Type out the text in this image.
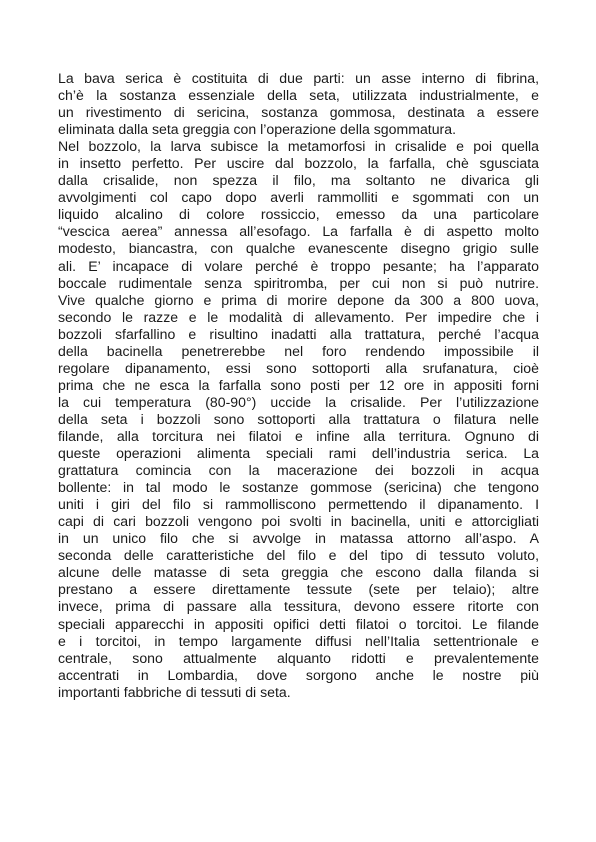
La bava serica è costituita di due parti: un asse interno di fibrina,
ch’è la sostanza essenziale della seta, utilizzata industrialmente, e
un rivestimento di sericina, sostanza gommosa, destinata a essere
eliminata dalla seta greggia con l’operazione della sgommatura.

Nel bozzolo, la larva subisce la metamorfosi in crisalide e poi quella
in insetto perfetto. Per uscire dal bozzolo, la farfalla, chè sgusciata
dalla crisalide, non spezza il filo, ma soltanto ne divarica gli
avvolgimenti col capo dopo averli rammolliti e sgommati con un
liquido alcalino di colore rossiccio, emesso da una particolare
“vescica aerea” annessa all’esofago. La farfalla è di aspetto molto
modesto, biancastra, con qualche evanescente disegno grigio sulle
ali. E’ incapace di volare perché è troppo pesante; ha l’apparato
boccale rudimentale senza spiritromba, per cui non si può nutrire.
Vive qualche giorno e prima di morire depone da 300 a 800 uova,
secondo le razze e le modalità di allevamento. Per impedire che i
bozzoli sfarfallino e risultino inadatti alla trattatura, perché l’acqua
della bacinella penetrerebbe nel foro rendendo impossibile il
regolare dipanamento, essi sono sottoporti alla srufanatura, cioè
prima che ne esca la farfalla sono posti per 12 ore in appositi forni
la cui temperatura (80-90°) uccide la crisalide. Per l’utilizzazione
della seta i bozzoli sono sottoporti alla trattatura o filatura nelle
filande, alla torcitura nei filatoi e infine alla territura. Ognuno di
queste operazioni alimenta speciali rami dell’industria serica. La
grattatura comincia con la macerazione dei bozzoli in acqua
bollente: in tal modo le sostanze gommose (sericina) che tengono
uniti i giri del filo si rammolliscono permettendo il dipanamento. I
capi di cari bozzoli vengono poi svolti in bacinella, uniti e attorcigliati
in un unico filo che si avvolge in matassa attorno all’aspo. A
seconda delle caratteristiche del filo e del tipo di tessuto voluto,
alcune delle matasse di seta greggia che escono dalla filanda si
prestano a essere direttamente tessute (sete per telaio); altre
invece, prima di passare alla tessitura, devono essere ritorte con
speciali apparecchi in appositi opifici detti filatoi o torcitoi. Le filande
e i torcitoi, in tempo largamente diffusi nell’Italia settentrionale e
centrale, sono attualmente alquanto ridotti e prevalentemente
accentrati in Lombardia, dove sorgono anche le nostre più
importanti fabbriche di tessuti di seta.
